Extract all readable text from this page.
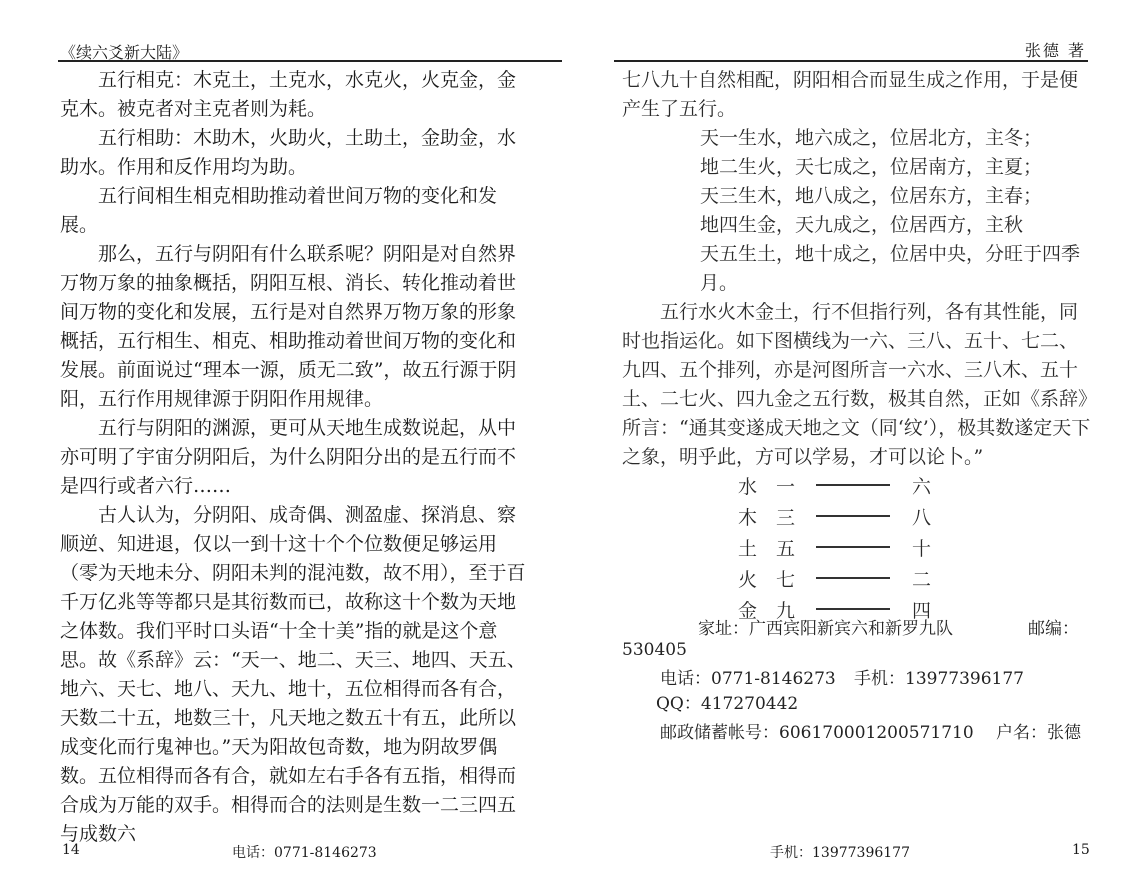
《续六爻新大陆》

五行相克：木克土，土克水，水克火，火克金，金克木。被克者对主克者则为耗。

五行相助：木助木，火助火，土助土，金助金，水助水。作用和反作用均为助。

五行间相生相克相助推动着世间万物的变化和发展。

那么，五行与阴阳有什么联系呢？阴阳是对自然界万物万象的抽象概括，阴阳互根、消长、转化推动着世间万物的变化和发展，五行是对自然界万物万象的形象概括，五行相生、相克、相助推动着世间万物的变化和发展。前面说过“理本一源，质无二致”，故五行源于阴阳，五行作用规律源于阴阳作用规律。

五行与阴阳的渊源，更可从天地生成数说起，从中亦可明了宇宙分阴阳后，为什么阴阳分出的是五行而不是四行或者六行……

古人认为，分阴阳、成奇偶、测盈虚、探消息、察顺逆、知进退，仅以一到十这十个个位数便足够运用（零为天地未分、阴阳未判的混沌数，故不用），至于百千万亿兆等等都只是其衍数而已，故称这十个数为天地之体数。我们平时口头语“十全十美”指的就是这个意思。故《系辞》云：“天一、地二、天三、地四、天五、地六、天七、地八、天九、地十，五位相得而各有合，天数二十五，地数三十，凡天地之数五十有五，此所以成变化而行鬼神也。”天为阳故包奇数，地为阴故罗偶数。五位相得而各有合，就如左右手各有五指，相得而合成为万能的双手。相得而合的法则是生数一二三四五与成数六

14	电话：0771-8146273
张德 著

七八九十自然相配，阴阳相合而显生成之作用，于是便产生了五行。

天一生水，地六成之，位居北方，主冬；

地二生火，天七成之，位居南方，主夏；

天三生木，地八成之，位居东方，主春；

地四生金，天九成之，位居西方，主秋

天五生土，地十成之，位居中央，分旺于四季月。

五行水火木金土，行不但指行列，各有其性能，同时也指运化。如下图横线为一六、三八、五十、七二、九四、五个排列，亦是河图所言一六水、三八木、五十土、二七火、四九金之五行数，极其自然，正如《系辞》所言：“通其变遂成天地之文（同‘纹’），极其数遂定天下之象，明乎此，方可以学易，才可以论卜。”

水 一	六
木 三	八
土 五	十
火 七	二
金 九	四
家址：广西宾阳新宾六和新罗九队	邮编：
530405
电话：0771-8146273 手机：13977396177
QQ：417270442
邮政储蓄帐号：606170001200571710 户名：张德
手机：13977396177	15
